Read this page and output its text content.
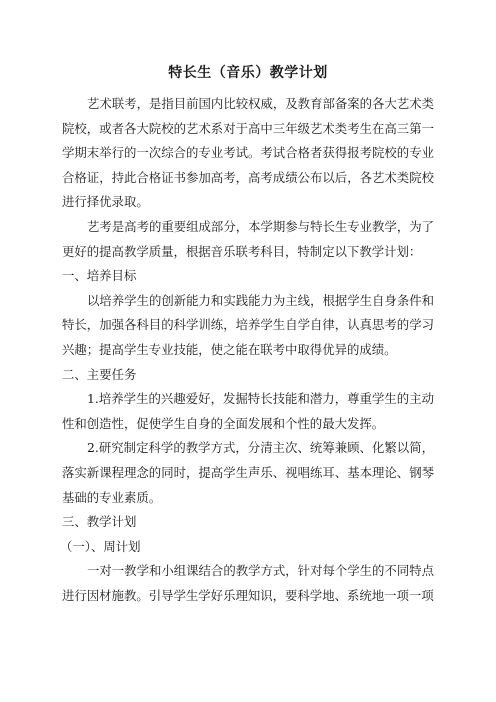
特长生（音乐）教学计划

艺术联考，是指目前国内比较权威，及教育部备案的各大艺术类院校，或者各大院校的艺术系对于高中三年级艺术类考生在高三第一学期末举行的一次综合的专业考试。考试合格者获得报考院校的专业合格证，持此合格证书参加高考，高考成绩公布以后，各艺术类院校进行择优录取。

艺考是高考的重要组成部分，本学期参与特长生专业教学，为了更好的提高教学质量，根据音乐联考科目，特制定以下教学计划：

一、培养目标

以培养学生的创新能力和实践能力为主线，根据学生自身条件和特长，加强各科目的科学训练，培养学生自学自律，认真思考的学习兴趣；提高学生专业技能，使之能在联考中取得优异的成绩。

二、主要任务

1.培养学生的兴趣爱好，发掘特长技能和潜力，尊重学生的主动性和创造性，促使学生自身的全面发展和个性的最大发挥。

2.研究制定科学的教学方式，分清主次、统筹兼顾、化繁以简，落实新课程理念的同时，提高学生声乐、视唱练耳、基本理论、钢琴基础的专业素质。

三、教学计划

（一）、周计划

一对一教学和小组课结合的教学方式，针对每个学生的不同特点进行因材施教。引导学生学好乐理知识，要科学地、系统地一项一项
